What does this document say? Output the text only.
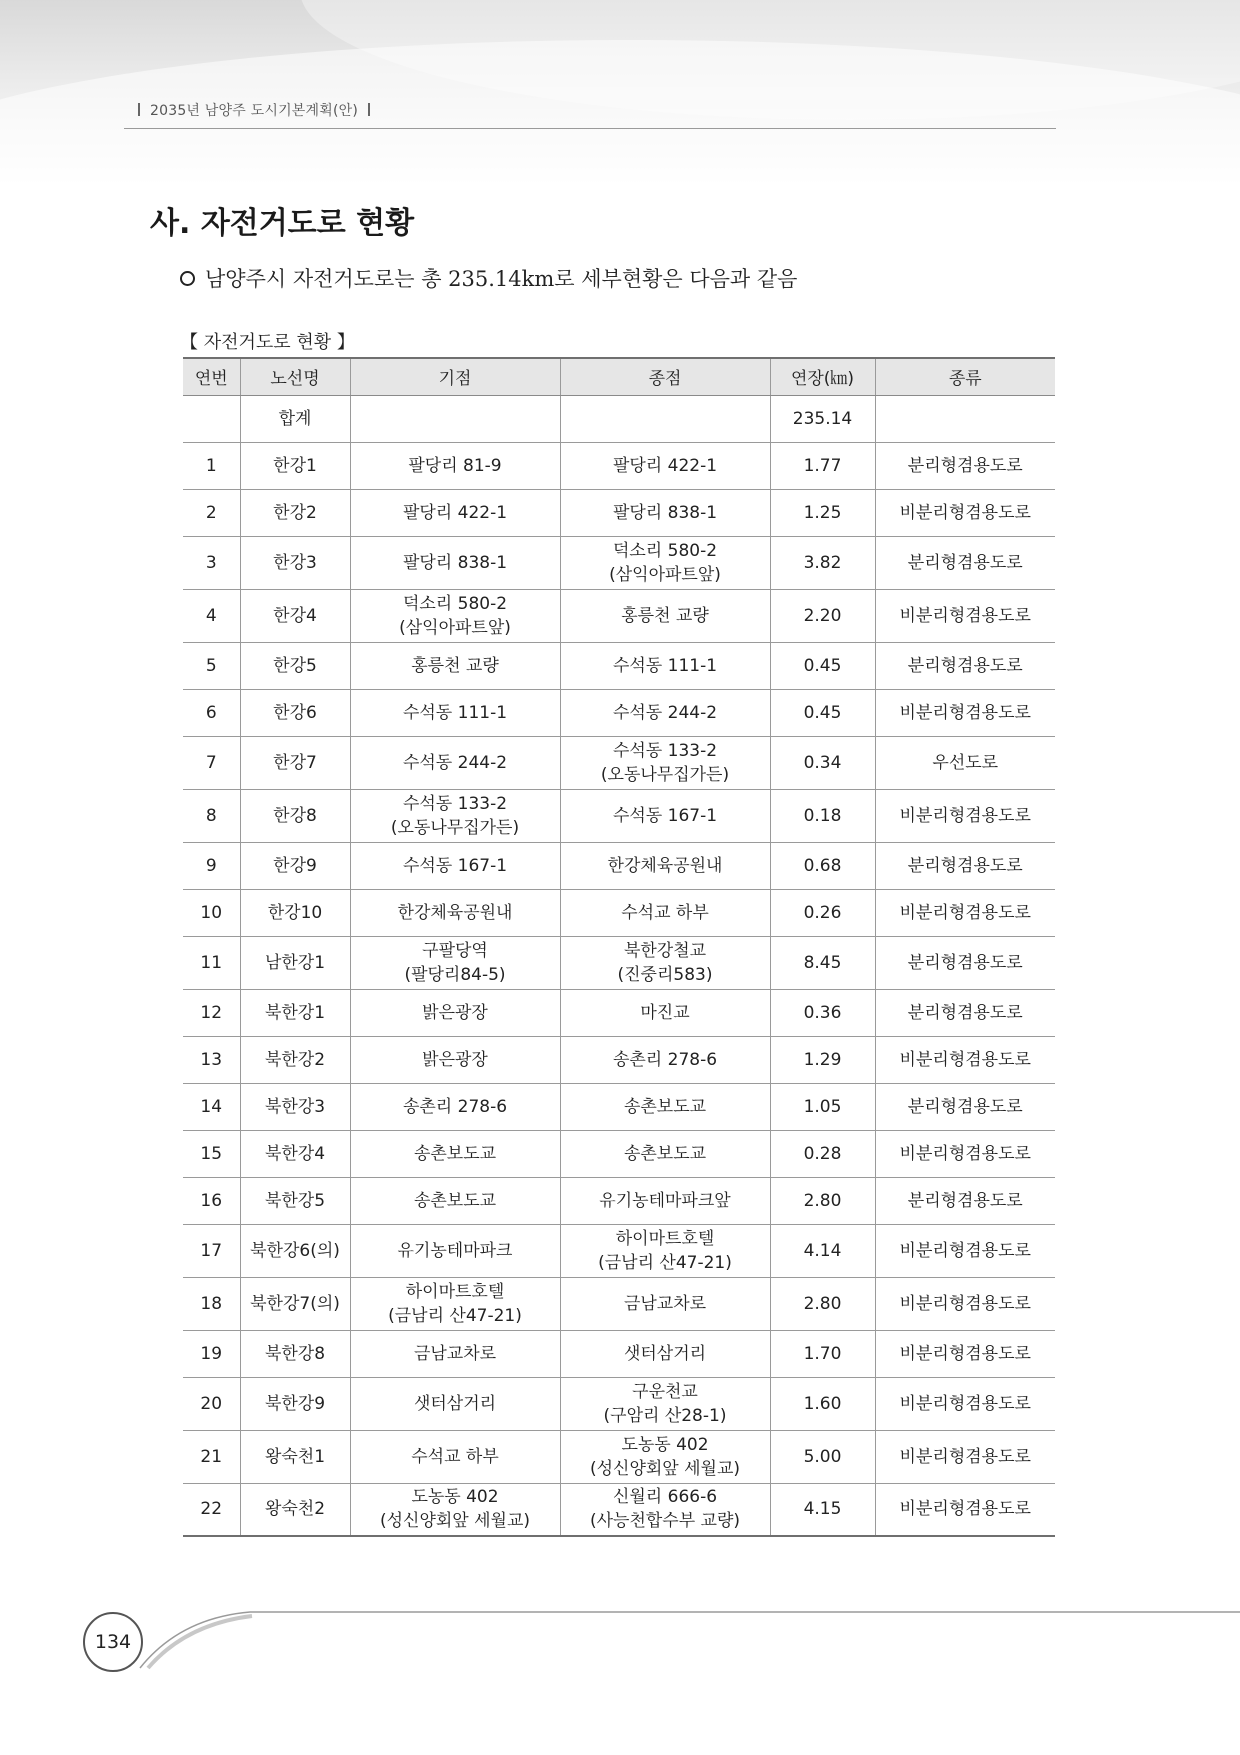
2035년 남양주 도시기본계획(안)
사. 자전거도로 현황
남양주시 자전거도로는 총 235.14km로 세부현황은 다음과 같음
【 자전거도로 현황 】
연번	노선명	기점	종점	연장(㎞)	종류
	합계			235.14	

1	한강1	팔당리 81-9	팔당리 422-1	1.77	분리형겸용도로

2	한강2	팔당리 422-1	팔당리 838-1	1.25	비분리형겸용도로

3	한강3	팔당리 838-1	덕소리 580-2
(삼익아파트앞)	3.82	분리형겸용도로

4	한강4	덕소리 580-2
(삼익아파트앞)	홍릉천 교량	2.20	비분리형겸용도로

5	한강5	홍릉천 교량	수석동 111-1	0.45	분리형겸용도로

6	한강6	수석동 111-1	수석동 244-2	0.45	비분리형겸용도로

7	한강7	수석동 244-2	수석동 133-2
(오동나무집가든)	0.34	우선도로

8	한강8	수석동 133-2
(오동나무집가든)	수석동 167-1	0.18	비분리형겸용도로

9	한강9	수석동 167-1	한강체육공원내	0.68	분리형겸용도로

10	한강10	한강체육공원내	수석교 하부	0.26	비분리형겸용도로

11	남한강1	구팔당역
(팔당리84-5)	북한강철교
(진중리583)	8.45	분리형겸용도로

12	북한강1	밝은광장	마진교	0.36	분리형겸용도로

13	북한강2	밝은광장	송촌리 278-6	1.29	비분리형겸용도로

14	북한강3	송촌리 278-6	송촌보도교	1.05	분리형겸용도로

15	북한강4	송촌보도교	송촌보도교	0.28	비분리형겸용도로

16	북한강5	송촌보도교	유기농테마파크앞	2.80	분리형겸용도로

17	북한강6(의)	유기농테마파크	하이마트호텔
(금남리 산47-21)	4.14	비분리형겸용도로

18	북한강7(의)	하이마트호텔
(금남리 산47-21)	금남교차로	2.80	비분리형겸용도로

19	북한강8	금남교차로	샛터삼거리	1.70	비분리형겸용도로

20	북한강9	샛터삼거리	구운천교
(구암리 산28-1)	1.60	비분리형겸용도로

21	왕숙천1	수석교 하부	도농동 402
(성신양회앞 세월교)	5.00	비분리형겸용도로

22	왕숙천2	도농동 402
(성신양회앞 세월교)	신월리 666-6
(사능천합수부 교량)	4.15	비분리형겸용도로
134
